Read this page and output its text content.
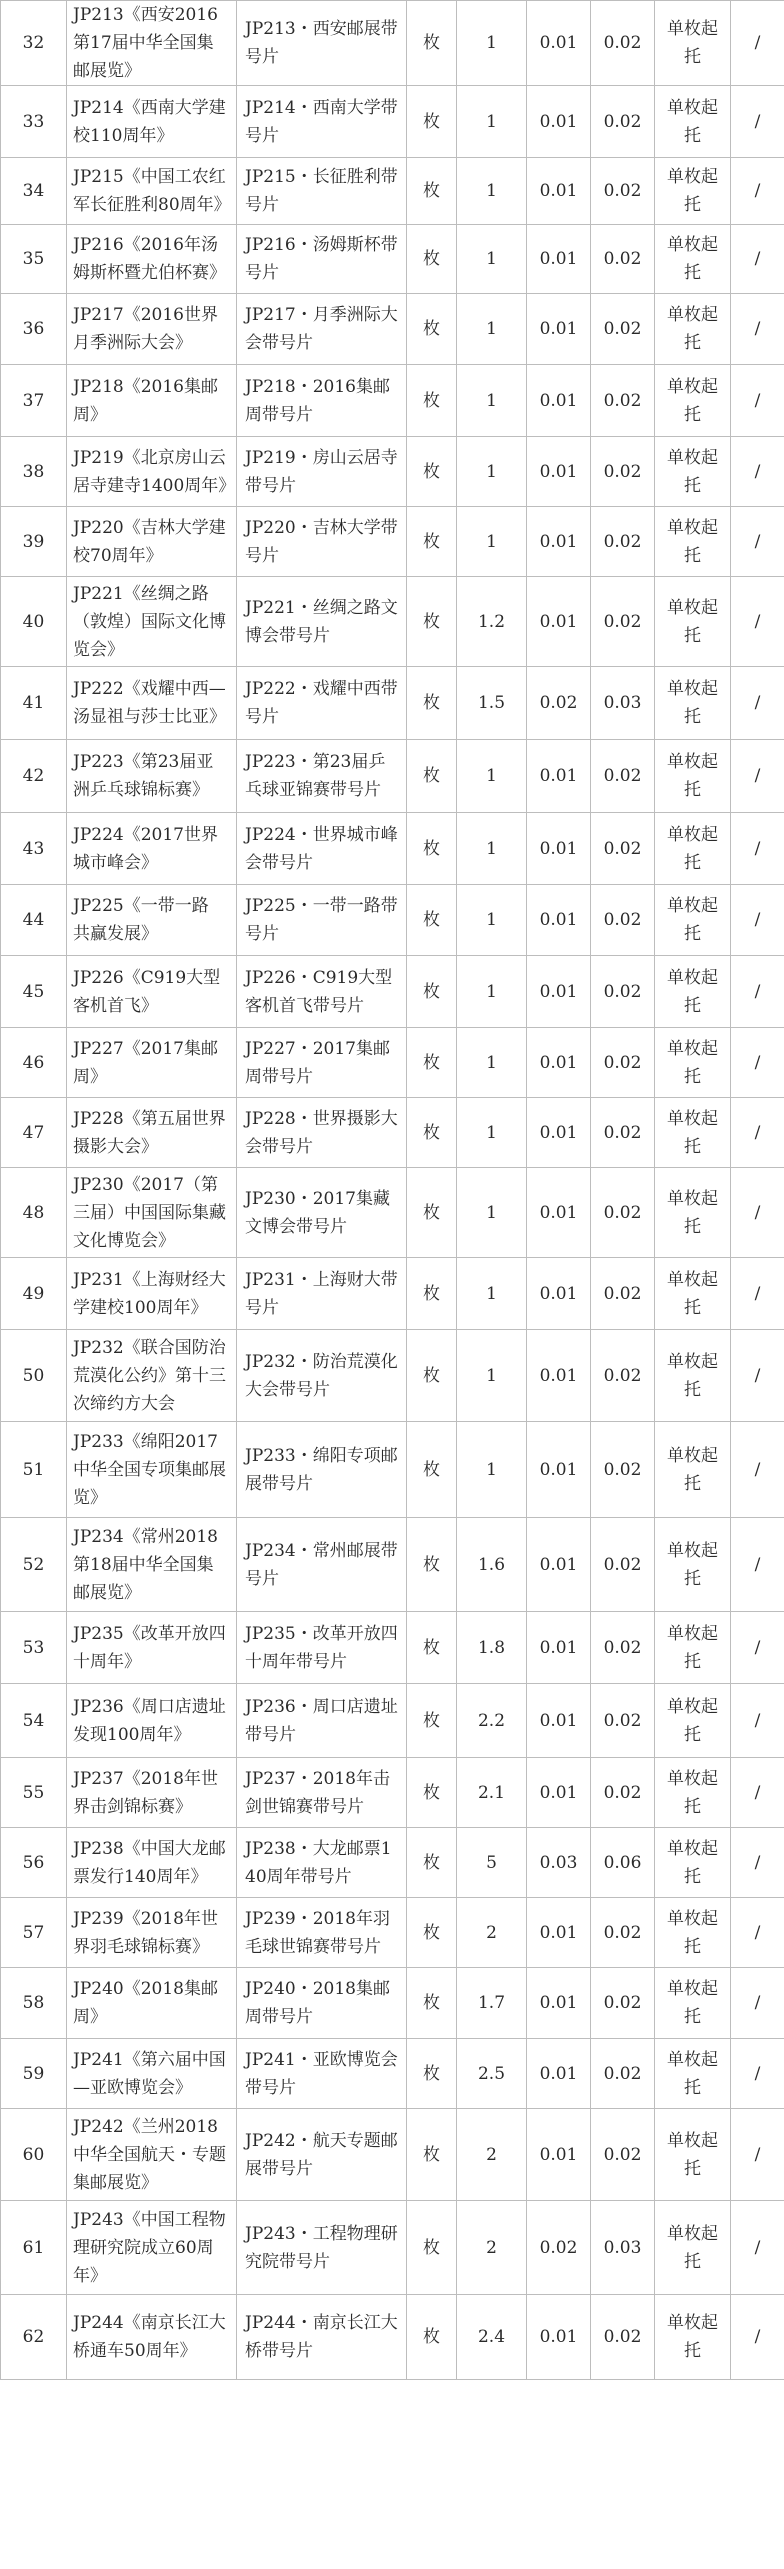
32	JP213《西安2016第17届中华全国集邮展览》	JP213・西安邮展带号片	枚	1	0.01	0.02	单枚起托	/
33	JP214《西南大学建校110周年》	JP214・西南大学带号片	枚	1	0.01	0.02	单枚起托	/
34	JP215《中国工农红军长征胜利80周年》	JP215・长征胜利带号片	枚	1	0.01	0.02	单枚起托	/
35	JP216《2016年汤姆斯杯暨尤伯杯赛》	JP216・汤姆斯杯带号片	枚	1	0.01	0.02	单枚起托	/
36	JP217《2016世界月季洲际大会》	JP217・月季洲际大会带号片	枚	1	0.01	0.02	单枚起托	/
37	JP218《2016集邮周》	JP218・2016集邮周带号片	枚	1	0.01	0.02	单枚起托	/
38	JP219《北京房山云居寺建寺1400周年》	JP219・房山云居寺带号片	枚	1	0.01	0.02	单枚起托	/
39	JP220《吉林大学建校70周年》	JP220・吉林大学带号片	枚	1	0.01	0.02	单枚起托	/
40	JP221《丝绸之路（敦煌）国际文化博览会》	JP221・丝绸之路文博会带号片	枚	1.2	0.01	0.02	单枚起托	/
41	JP222《戏耀中西—汤显祖与莎士比亚》	JP222・戏耀中西带号片	枚	1.5	0.02	0.03	单枚起托	/
42	JP223《第23届亚洲乒乓球锦标赛》	JP223・第23届乒乓球亚锦赛带号片	枚	1	0.01	0.02	单枚起托	/
43	JP224《2017世界城市峰会》	JP224・世界城市峰会带号片	枚	1	0.01	0.02	单枚起托	/
44	JP225《一带一路 共赢发展》	JP225・一带一路带号片	枚	1	0.01	0.02	单枚起托	/
45	JP226《C919大型客机首飞》	JP226・C919大型客机首飞带号片	枚	1	0.01	0.02	单枚起托	/
46	JP227《2017集邮周》	JP227・2017集邮周带号片	枚	1	0.01	0.02	单枚起托	/
47	JP228《第五届世界摄影大会》	JP228・世界摄影大会带号片	枚	1	0.01	0.02	单枚起托	/
48	JP230《2017（第三届）中国国际集藏文化博览会》	JP230・2017集藏文博会带号片	枚	1	0.01	0.02	单枚起托	/
49	JP231《上海财经大学建校100周年》	JP231・上海财大带号片	枚	1	0.01	0.02	单枚起托	/
50	JP232《联合国防治荒漠化公约》第十三次缔约方大会	JP232・防治荒漠化大会带号片	枚	1	0.01	0.02	单枚起托	/
51	JP233《绵阳2017中华全国专项集邮展览》	JP233・绵阳专项邮展带号片	枚	1	0.01	0.02	单枚起托	/
52	JP234《常州2018第18届中华全国集邮展览》	JP234・常州邮展带号片	枚	1.6	0.01	0.02	单枚起托	/
53	JP235《改革开放四十周年》	JP235・改革开放四十周年带号片	枚	1.8	0.01	0.02	单枚起托	/
54	JP236《周口店遗址发现100周年》	JP236・周口店遗址带号片	枚	2.2	0.01	0.02	单枚起托	/
55	JP237《2018年世界击剑锦标赛》	JP237・2018年击剑世锦赛带号片	枚	2.1	0.01	0.02	单枚起托	/
56	JP238《中国大龙邮票发行140周年》	JP238・大龙邮票140周年带号片	枚	5	0.03	0.06	单枚起托	/
57	JP239《2018年世界羽毛球锦标赛》	JP239・2018年羽毛球世锦赛带号片	枚	2	0.01	0.02	单枚起托	/
58	JP240《2018集邮周》	JP240・2018集邮周带号片	枚	1.7	0.01	0.02	单枚起托	/
59	JP241《第六届中国—亚欧博览会》	JP241・亚欧博览会带号片	枚	2.5	0.01	0.02	单枚起托	/
60	JP242《兰州2018中华全国航天・专题集邮展览》	JP242・航天专题邮展带号片	枚	2	0.01	0.02	单枚起托	/
61	JP243《中国工程物理研究院成立60周年》	JP243・工程物理研究院带号片	枚	2	0.02	0.03	单枚起托	/
62	JP244《南京长江大桥通车50周年》	JP244・南京长江大桥带号片	枚	2.4	0.01	0.02	单枚起托	/
